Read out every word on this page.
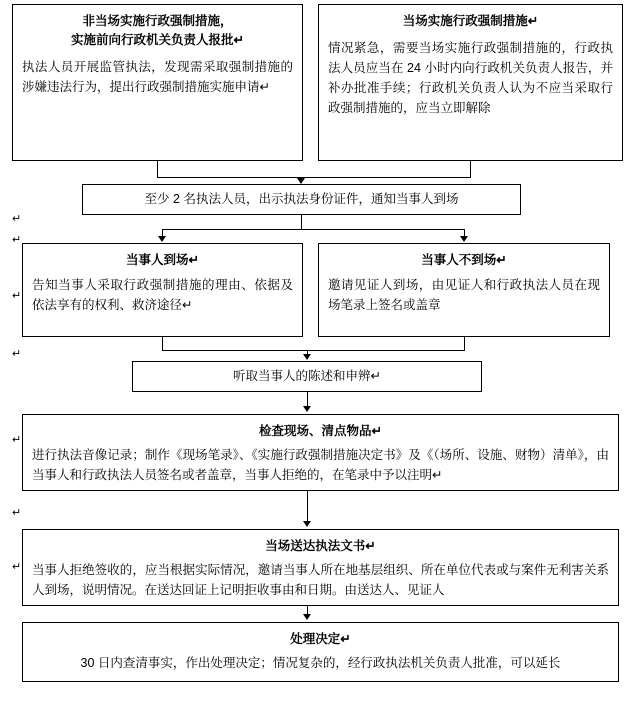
非当场实施行政强制措施，
实施前向行政机关负责人报批↵
执法人员开展监管执法，发现需采取强制措施的涉嫌违法行为，提出行政强制措施实施申请↵
当场实施行政强制措施↵
情况紧急，需要当场实施行政强制措施的，行政执法人员应当在 24 小时内向行政机关负责人报告，并补办批准手续；行政机关负责人认为不应当采取行政强制措施的，应当立即解除
至少 2 名执法人员，出示执法身份证件，通知当事人到场
当事人到场↵
告知当事人采取行政强制措施的理由、依据及依法享有的权利、救济途径↵
当事人不到场↵
邀请见证人到场，由见证人和行政执法人员在现场笔录上签名或盖章
听取当事人的陈述和申辨↵
检查现场、清点物品↵
进行执法音像记录；制作《现场笔录》、《实施行政强制措施决定书》及《（场所、设施、财物）清单》，由当事人和行政执法人员签名或者盖章，当事人拒绝的，在笔录中予以注明↵
当场送达执法文书↵
当事人拒绝签收的，应当根据实际情况，邀请当事人所在地基层组织、所在单位代表或与案件无利害关系人到场，说明情况。在送达回证上记明拒收事由和日期。由送达人、见证人
处理决定↵
30 日内查清事实，作出处理决定；情况复杂的，经行政执法机关负责人批准，可以延长
↵
↵
↵
↵
↵
↵
↵
